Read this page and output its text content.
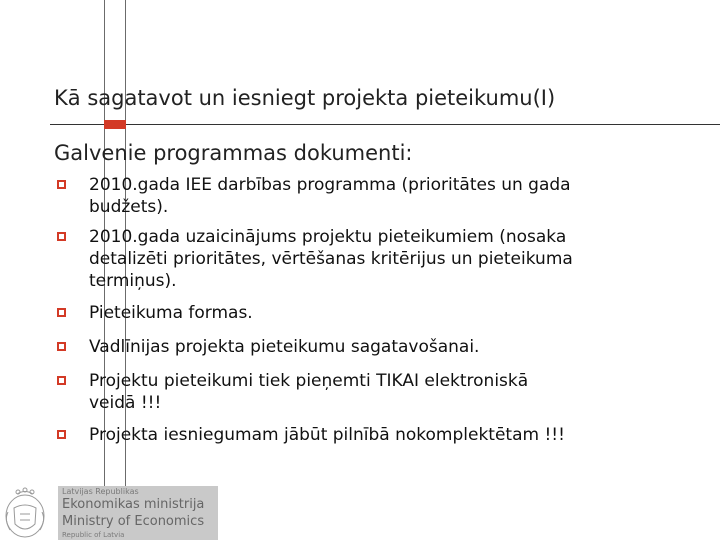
Kā sagatavot un iesniegt projekta pieteikumu(I)
Galvenie programmas dokumenti:
2010.gada IEE darbības programma (prioritātes un gada
budžets).
2010.gada uzaicinājums projektu pieteikumiem (nosaka
detalizēti prioritātes, vērtēšanas kritērijus un pieteikuma
termiņus).
Pieteikuma formas.
Vadlīnijas projekta pieteikumu sagatavošanai.
Projektu pieteikumi tiek pieņemti TIKAI elektroniskā
veidā !!!
Projekta iesniegumam jābūt pilnībā nokomplektētam !!!
Latvijas Republikas
Ekonomikas ministrija
Ministry of Economics
Republic of Latvia
